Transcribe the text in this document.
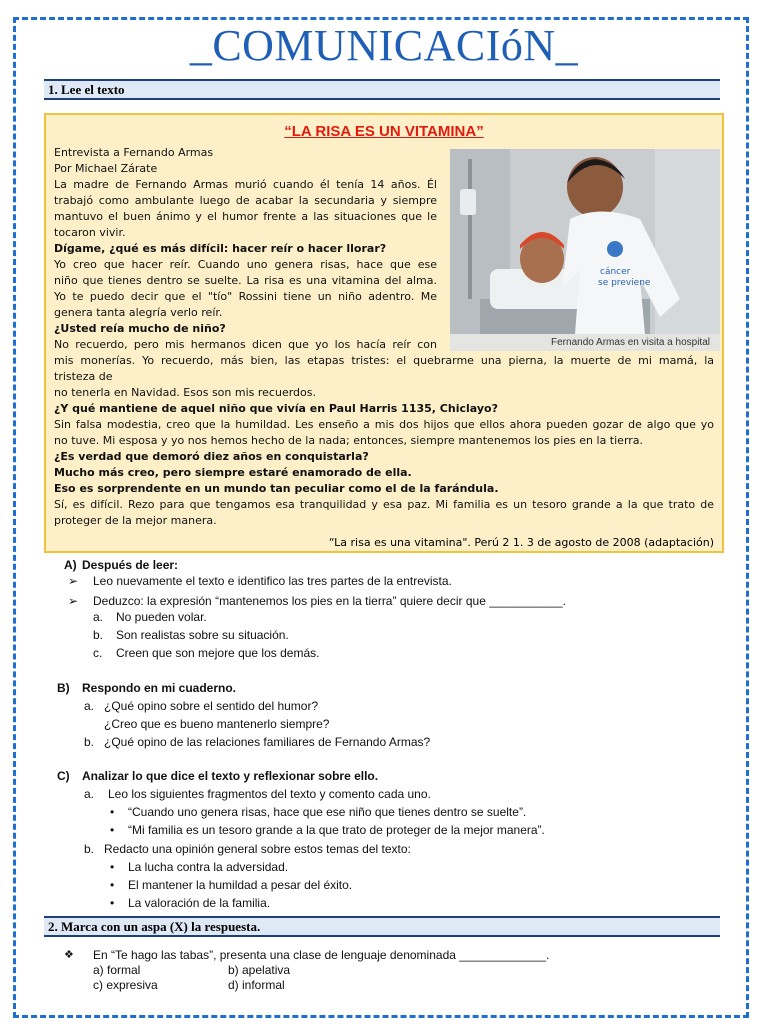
_COMUNICACIóN_
1. Lee el texto
“LA RISA ES UN VITAMINA”
cáncer
se previene
Fernando Armas en visita a hospital
Entrevista a Fernando Armas
Por Michael Zárate
La madre de Fernando Armas murió cuando él tenía 14 años. Él
trabajó como ambulante luego de acabar la secundaria y siempre
mantuvo el buen ánimo y el humor frente a las situaciones que le
tocaron vivir.
Dígame, ¿qué es más difícil: hacer reír o hacer llorar?
Yo creo que hacer reír. Cuando uno genera risas, hace que ese
niño que tienes dentro se suelte. La risa es una vitamina del alma.
Yo te puedo decir que el "tío" Rossini tiene un niño adentro. Me
genera tanta alegría verlo reír.
¿Usted reía mucho de niño?
No recuerdo, pero mis hermanos dicen que yo los hacía reír con
mis monerías. Yo recuerdo, más bien, las etapas tristes: el quebrarme una pierna, la muerte de mi mamá, la
tristeza de
no tenerla en Navidad. Esos son mis recuerdos.
¿Y qué mantiene de aquel niño que vivía en Paul Harris 1135, Chiclayo?
Sin falsa modestia, creo que la humildad. Les enseño a mis dos hijos que ellos ahora pueden gozar de algo que yo
no tuve. Mi esposa y yo nos hemos hecho de la nada; entonces, siempre mantenemos los pies en la tierra.
¿Es verdad que demoró diez años en conquistarla?
Mucho más creo, pero siempre estaré enamorado de ella.
Eso es sorprendente en un mundo tan peculiar como el de la farándula.
Sí, es difícil. Rezo para que tengamos esa tranquilidad y esa paz. Mi familia es un tesoro grande a la que trato de
proteger de la mejor manera.
“La risa es una vitamina". Perú 2 1. 3 de agosto de 2008 (adaptación)
A) Después de leer:
➢ Leo nuevamente el texto e identifico las tres partes de la entrevista.
➢ Deduzco: la expresión “mantenemos los pies en la tierra” quiere decir que ___________.
a. No pueden volar.
b. Son realistas sobre su situación.
c. Creen que son mejore que los demás.
B) Respondo en mi cuaderno.
a. ¿Qué opino sobre el sentido del humor?
¿Creo que es bueno mantenerlo siempre?
b. ¿Qué opino de las relaciones familiares de Fernando Armas?
C) Analizar lo que dice el texto y reflexionar sobre ello.
a. Leo los siguientes fragmentos del texto y comento cada uno.
• “Cuando uno genera risas, hace que ese niño que tienes dentro se suelte”.
• “Mi familia es un tesoro grande a la que trato de proteger de la mejor manera”.
b. Redacto una opinión general sobre estos temas del texto:
• La lucha contra la adversidad.
• El mantener la humildad a pesar del éxito.
• La valoración de la familia.
2. Marca con un aspa (X) la respuesta.
❖ En “Te hago las tabas”, presenta una clase de lenguaje denominada _____________.
a) formal	b) apelativa
c) expresiva	d) informal
